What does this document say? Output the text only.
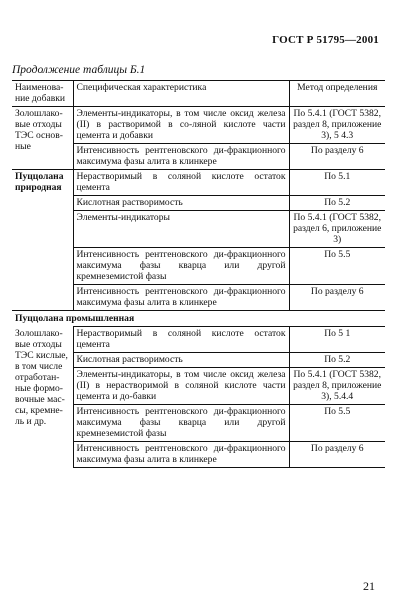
ГОСТ Р 51795—2001
Продолжение таблицы Б.1
Наименова-ние добавки	Специфическая характеристика	Метод определения
Золошлако-вые отходы ТЭС основ-ные	Элементы-индикаторы, в том числе оксид железа (II) в растворимой в со-ляной кислоте части цемента и добавки	По 5.4.1 (ГОСТ 5382, раздел 8, приложение 3), 5 4.3
	Интенсивность рентгеновского ди-фракционного максимума фазы алита в клинкере	По разделу 6
Пуццолана природная	Нерастворимый в соляной кислоте остаток цемента	По 5.1
	Кислотная растворимость	По 5.2
	Элементы-индикаторы	По 5.4.1 (ГОСТ 5382, раздел 6, приложение 3)
	Интенсивность рентгеновского ди-фракционного максимума фазы кварца или другой кремнеземистой фазы	По 5.5
	Интенсивность рентгеновского ди-фракционного максимума фазы алита в клинкере	По разделу 6
Пуццолана промышленная		
Золошлако-вые отходы ТЭС кислые, в том числе отработан-ные формо-вочные мас-сы, кремне-ль и др.	Нерастворимый в соляной кислоте остаток цемента	По 5 1
	Кислотная растворимость	По 5.2
	Элементы-индикаторы, в том числе оксид железа (II) в нерастворимой в соляной кислоте части цемента и до-бавки	По 5.4.1 (ГОСТ 5382, раздел 8, приложение 3), 5.4.4
	Интенсивность рентгеновского ди-фракционного максимума фазы кварца или другой кремнеземистой фазы	По 5.5
	Интенсивность рентгеновского ди-фракционного максимума фазы алита в клинкере	По разделу 6
21
